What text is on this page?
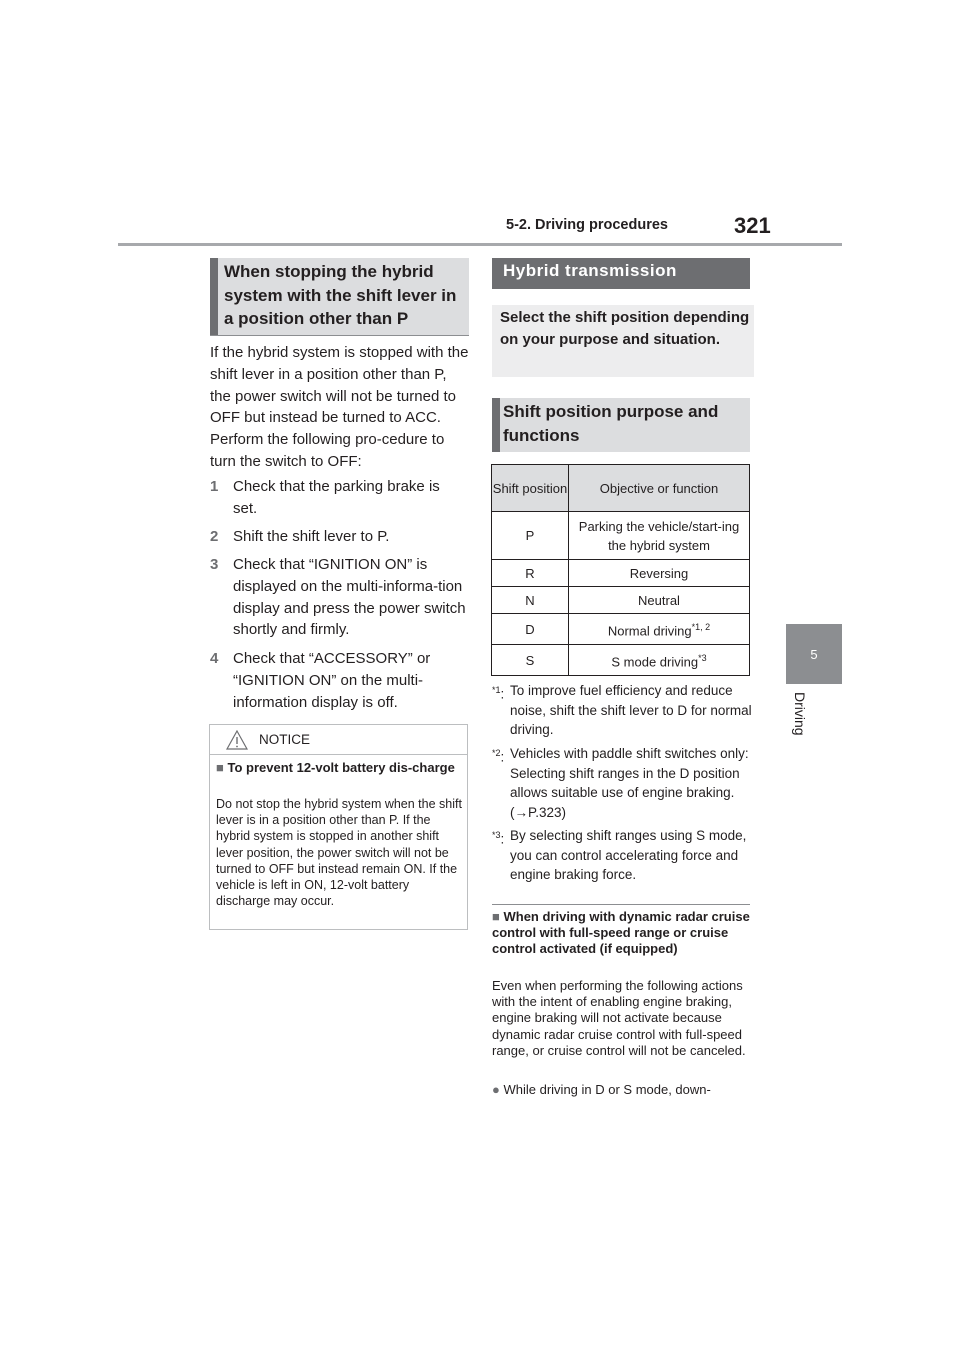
5-2. Driving procedures	321
5
Driving
When stopping the hybrid system with the shift lever in a position other than P
If the hybrid system is stopped with the shift lever in a position other than P, the power switch will not be turned to OFF but instead be turned to ACC. Perform the following pro-cedure to turn the switch to OFF:
1 Check that the parking brake is set.
2 Shift the shift lever to P.
3 Check that “IGNITION ON” is displayed on the multi-informa-tion display and press the power switch shortly and firmly.
4 Check that “ACCESSORY” or “IGNITION ON” on the multi-information display is off.
NOTICE
■ To prevent 12-volt battery dis-charge
Do not stop the hybrid system when the shift lever is in a position other than P. If the hybrid system is stopped in another shift lever position, the power switch will not be turned to OFF but instead remain ON. If the vehicle is left in ON, 12-volt battery discharge may occur.
Hybrid transmission
Select the shift position depending on your purpose and situation.
Shift position purpose and functions
Shift position	Objective or function
P	Parking the vehicle/start-ing the hybrid system
R	Reversing
N	Neutral
D	Normal driving$^{*1, 2}$
S	S mode driving$^{*3}$
$^{*1}$: To improve fuel efficiency and reduce noise, shift the shift lever to D for normal driving.
$^{*2}$: Vehicles with paddle shift switches only: Selecting shift ranges in the D position allows suitable use of engine braking. (→P.323)
$^{*3}$: By selecting shift ranges using S mode, you can control accelerating force and engine braking force.
■ When driving with dynamic radar cruise control with full-speed range or cruise control activated (if equipped)
Even when performing the following actions with the intent of enabling engine braking, engine braking will not activate because dynamic radar cruise control with full-speed range, or cruise control will not be canceled.
● While driving in D or S mode, down-
